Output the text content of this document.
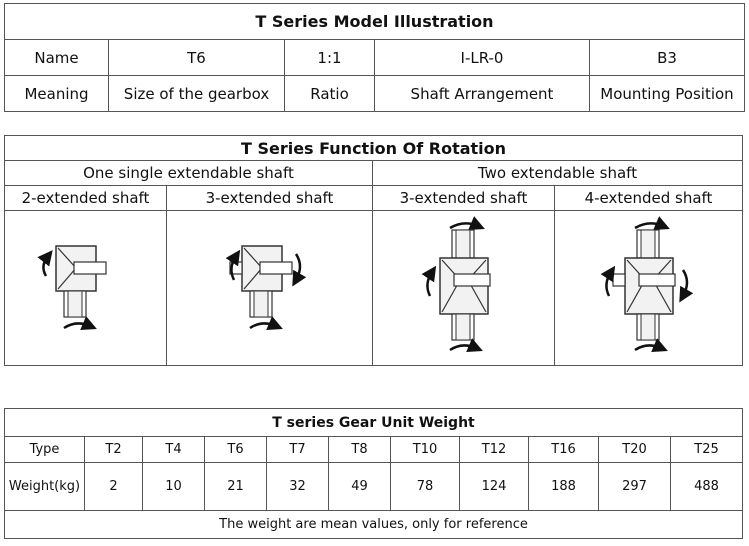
T Series Model Illustration				
Name	T6	1:1	I-LR-0	B3
Meaning	Size of the gearbox	Ratio	Shaft Arrangement	Mounting Position
T Series Function Of Rotation			
One single extendable shaft		Two extendable shaft	
2-extended shaft	3-extended shaft	3-extended shaft	4-extended shaft

T series Gear Unit Weight										
Type	T2	T4	T6	T7	T8	T10	T12	T16	T20	T25
Weight(kg)	2	10	21	32	49	78	124	188	297	488
The weight are mean values, only for reference										
